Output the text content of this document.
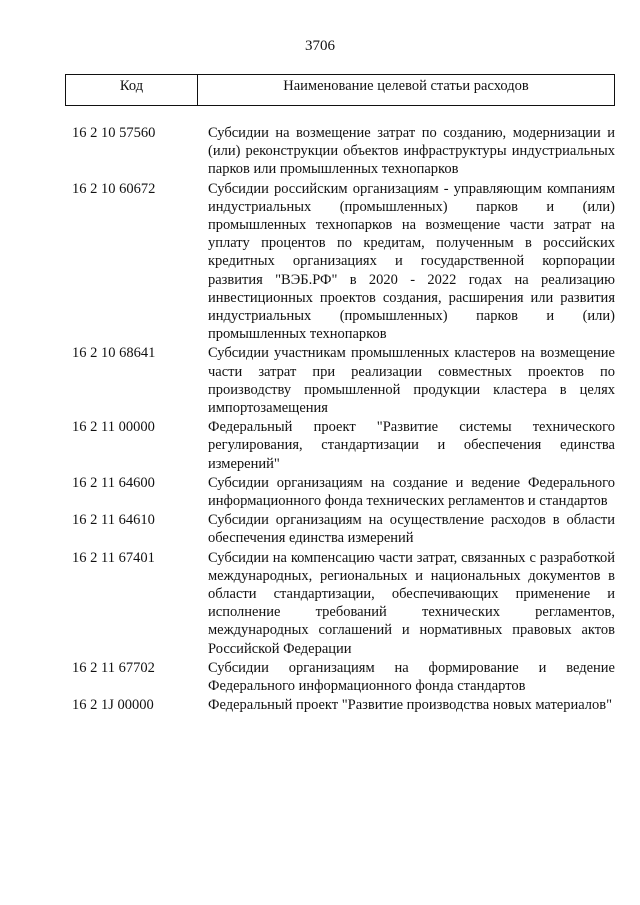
3706
Код	Наименование целевой статьи расходов
16 2 10 57560	Субсидии на возмещение затрат по созданию, модернизации и (или) реконструкции объектов инфраструктуры индустриальных парков или промышленных технопарков
16 2 10 60672	Субсидии российским организациям - управляющим компаниям индустриальных (промышленных) парков и (или) промышленных технопарков на возмещение части затрат на уплату процентов по кредитам, полученным в российских кредитных организациях и государственной корпорации развития "ВЭБ.РФ" в 2020 - 2022 годах на реализацию инвестиционных проектов создания, расширения или развития индустриальных (промышленных) парков и (или) промышленных технопарков
16 2 10 68641	Субсидии участникам промышленных кластеров на возмещение части затрат при реализации совместных проектов по производству промышленной продукции кластера в целях импортозамещения
16 2 11 00000	Федеральный проект "Развитие системы технического регулирования, стандартизации и обеспечения единства измерений"
16 2 11 64600	Субсидии организациям на создание и ведение Федерального информационного фонда технических регламентов и стандартов
16 2 11 64610	Субсидии организациям на осуществление расходов в области обеспечения единства измерений
16 2 11 67401	Субсидии на компенсацию части затрат, связанных с разработкой международных, региональных и национальных документов в области стандартизации, обеспечивающих применение и исполнение требований технических регламентов, международных соглашений и нормативных правовых актов Российской Федерации
16 2 11 67702	Субсидии организациям на формирование и ведение Федерального информационного фонда стандартов
16 2 1J 00000	Федеральный проект "Развитие производства новых материалов"
